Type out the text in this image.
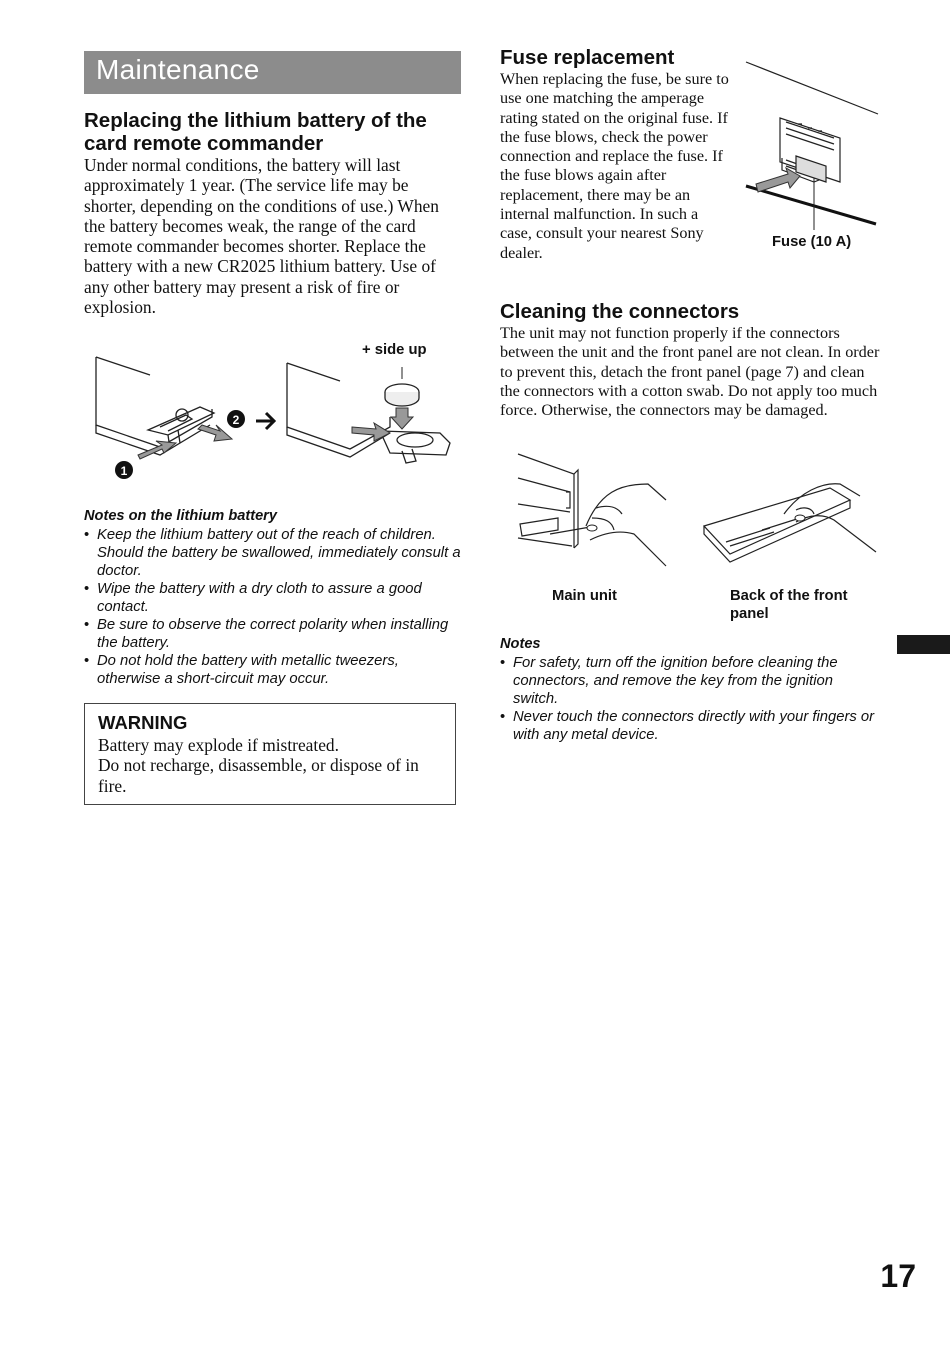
Maintenance
Replacing the lithium battery of the card remote commander

Under normal conditions, the battery will last approximately 1 year. (The service life may be shorter, depending on the conditions of use.) When the battery becomes weak, the range of the card remote commander becomes shorter. Replace the battery with a new CR2025 lithium battery. Use of any other battery may present a risk of fire or explosion.

1
2
+ side up

Notes on the lithium battery

• Keep the lithium battery out of the reach of children. Should the battery be swallowed, immediately consult a doctor.
• Wipe the battery with a dry cloth to assure a good contact.
• Be sure to observe the correct polarity when installing the battery.
• Do not hold the battery with metallic tweezers, otherwise a short-circuit may occur.
WARNING
Battery may explode if mistreated.
Do not recharge, disassemble, or dispose of in fire.
Fuse replacement

When replacing the fuse, be sure to use one matching the amperage rating stated on the original fuse. If the fuse blows, check the power connection and replace the fuse. If the fuse blows again after replacement, there may be an internal malfunction. In such a case, consult your nearest Sony dealer.

Fuse (10 A)
Cleaning the connectors

The unit may not function properly if the connectors between the unit and the front panel are not clean. In order to prevent this, detach the front panel (page 7) and clean the connectors with a cotton swab. Do not apply too much force. Otherwise, the connectors may be damaged.

Main unit	Back of the front panel

Notes

• For safety, turn off the ignition before cleaning the connectors, and remove the key from the ignition switch.
• Never touch the connectors directly with your fingers or with any metal device.
17
